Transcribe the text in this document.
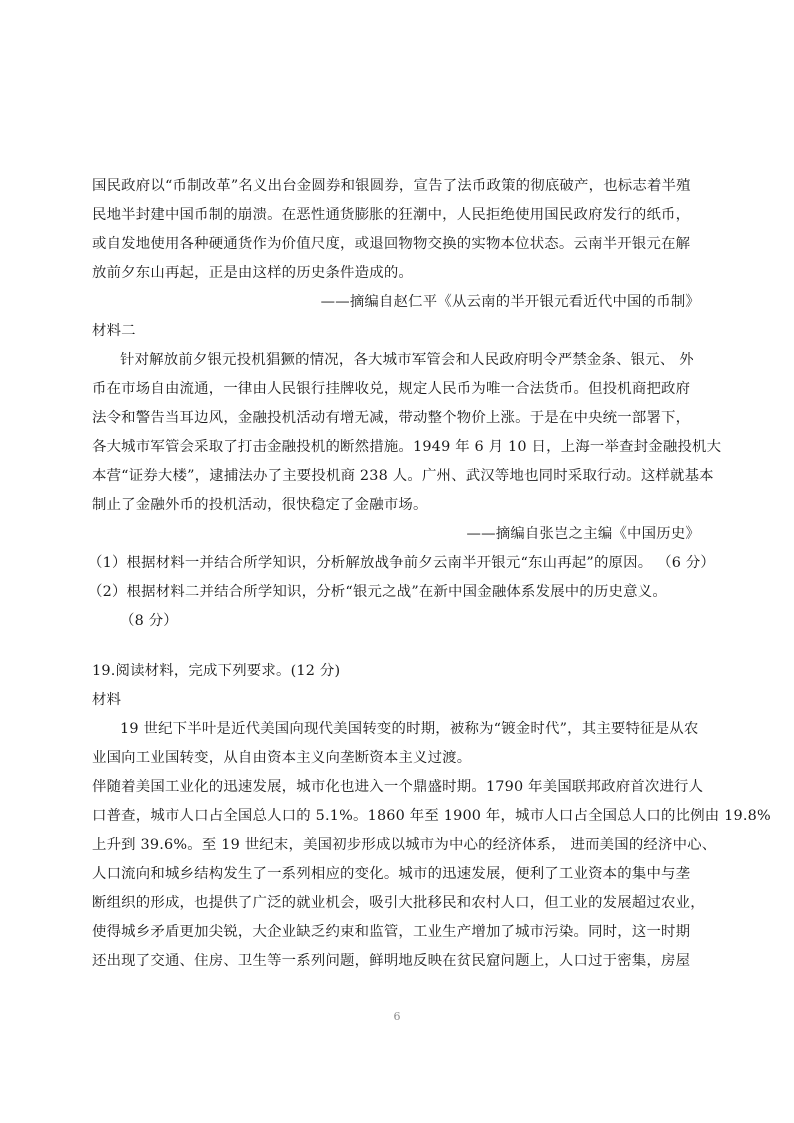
国民政府以“币制改革”名义出台金圆券和银圆券，宣告了法币政策的彻底破产，也标志着半殖
民地半封建中国币制的崩溃。在恶性通货膨胀的狂潮中，人民拒绝使用国民政府发行的纸币，
或自发地使用各种硬通货作为价值尺度，或退回物物交换的实物本位状态。云南半开银元在解
放前夕东山再起，正是由这样的历史条件造成的。
——摘编自赵仁平《从云南的半开银元看近代中国的币制》
材料二
针对解放前夕银元投机猖獗的情况，各大城市军管会和人民政府明令严禁金条、银元、 外
币在市场自由流通，一律由人民银行挂牌收兑，规定人民币为唯一合法货币。但投机商把政府
法令和警告当耳边风，金融投机活动有增无减，带动整个物价上涨。于是在中央统一部署下，
各大城市军管会采取了打击金融投机的断然措施。1949 年 6 月 10 日，上海一举查封金融投机大
本营“证券大楼”，逮捕法办了主要投机商 238 人。广州、武汉等地也同时采取行动。这样就基本
制止了金融外币的投机活动，很快稳定了金融市场。
——摘编自张岂之主编《中国历史》
（1）根据材料一并结合所学知识，分析解放战争前夕云南半开银元“东山再起”的原因。 （6 分）
（2）根据材料二并结合所学知识，分析“银元之战”在新中国金融体系发展中的历史意义。
（8 分）
19.阅读材料，完成下列要求。(12 分)
材料
19 世纪下半叶是近代美国向现代美国转变的时期，被称为“镀金时代”，其主要特征是从农
业国向工业国转变，从自由资本主义向垄断资本主义过渡。
伴随着美国工业化的迅速发展，城市化也进入一个鼎盛时期。1790 年美国联邦政府首次进行人
口普查，城市人口占全国总人口的 5.1%。1860 年至 1900 年，城市人口占全国总人口的比例由 19.8%
上升到 39.6%。至 19 世纪末，美国初步形成以城市为中心的经济体系， 进而美国的经济中心、
人口流向和城乡结构发生了一系列相应的变化。城市的迅速发展，便利了工业资本的集中与垄
断组织的形成，也提供了广泛的就业机会，吸引大批移民和农村人口，但工业的发展超过农业，
使得城乡矛盾更加尖锐，大企业缺乏约束和监管，工业生产增加了城市污染。同时，这一时期
还出现了交通、住房、卫生等一系列问题，鲜明地反映在贫民窟问题上，人口过于密集，房屋
6
